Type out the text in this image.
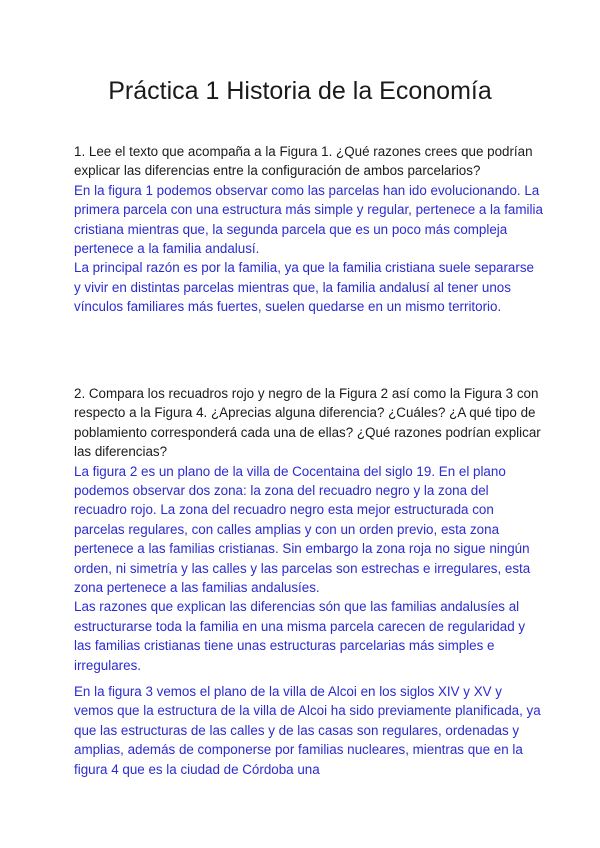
Práctica 1 Historia de la Economía

1. Lee el texto que acompaña a la Figura 1. ¿Qué razones crees que podrían explicar las diferencias entre la configuración de ambos parcelarios?

En la figura 1 podemos observar como las parcelas han ido evolucionando. La primera parcela con una estructura más simple y regular, pertenece a la familia cristiana mientras que, la segunda parcela que es un poco más compleja pertenece a la familia andalusí.

La principal razón es por la familia, ya que la familia cristiana suele separarse y vivir en distintas parcelas mientras que, la familia andalusí al tener unos vínculos familiares más fuertes, suelen quedarse en un mismo territorio.

2. Compara los recuadros rojo y negro de la Figura 2 así como la Figura 3 con respecto a la Figura 4. ¿Aprecias alguna diferencia? ¿Cuáles? ¿A qué tipo de poblamiento corresponderá cada una de ellas? ¿Qué razones podrían explicar las diferencias?

La figura 2 es un plano de la villa de Cocentaina del siglo 19. En el plano podemos observar dos zona: la zona del recuadro negro y la zona del recuadro rojo. La zona del recuadro negro esta mejor estructurada con parcelas regulares, con calles amplias y con un orden previo, esta zona pertenece a las familias cristianas. Sin embargo la zona roja no sigue ningún orden, ni simetría y las calles y las parcelas son estrechas e irregulares, esta zona pertenece a las familias andalusíes.

Las razones que explican las diferencias són que las familias andalusíes al estructurarse toda la familia en una misma parcela carecen de regularidad y las familias cristianas tiene unas estructuras parcelarias más simples e irregulares.

En la figura 3 vemos el plano de la villa de Alcoi en los siglos XIV y XV y vemos que la estructura de la villa de Alcoi ha sido previamente planificada, ya que las estructuras de las calles y de las casas son regulares, ordenadas y amplias, además de componerse por familias nucleares, mientras que en la figura 4 que es la ciudad de Córdoba una
